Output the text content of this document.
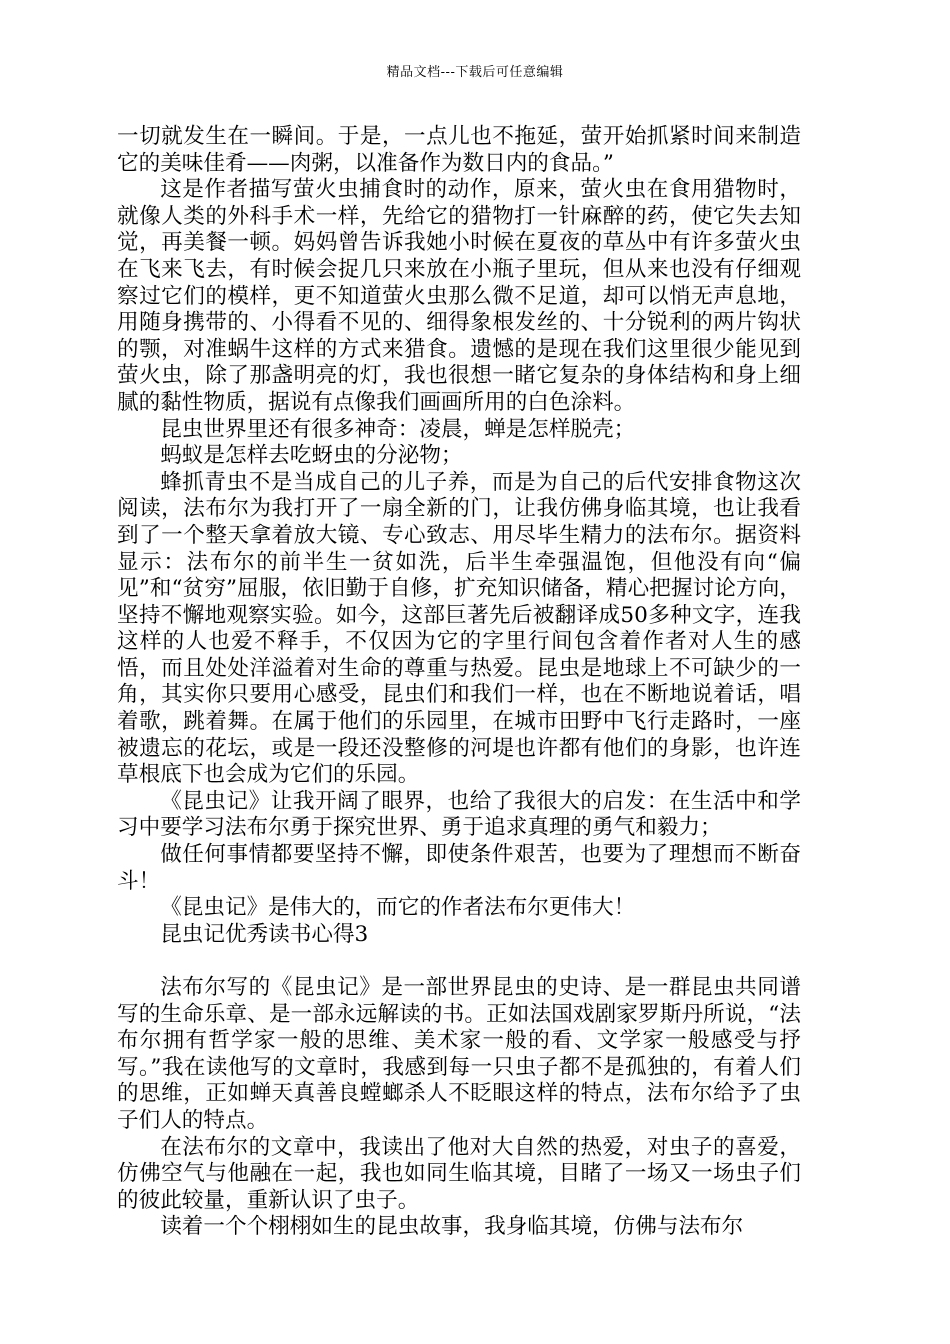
精品文档---下载后可任意编辑

一切就发生在一瞬间。于是，一点儿也不拖延，萤开始抓紧时间来制造它的美味佳肴——肉粥，以准备作为数日内的食品。”

这是作者描写萤火虫捕食时的动作，原来，萤火虫在食用猎物时，就像人类的外科手术一样，先给它的猎物打一针麻醉的药，使它失去知觉，再美餐一顿。妈妈曾告诉我她小时候在夏夜的草丛中有许多萤火虫在飞来飞去，有时候会捉几只来放在小瓶子里玩，但从来也没有仔细观察过它们的模样，更不知道萤火虫那么微不足道，却可以悄无声息地，用随身携带的、小得看不见的、细得象根发丝的、十分锐利的两片钩状的颚，对准蜗牛这样的方式来猎食。遗憾的是现在我们这里很少能见到萤火虫，除了那盏明亮的灯，我也很想一睹它复杂的身体结构和身上细腻的黏性物质，据说有点像我们画画所用的白色涂料。

昆虫世界里还有很多神奇：凌晨，蝉是怎样脱壳；

蚂蚁是怎样去吃蚜虫的分泌物；

蜂抓青虫不是当成自己的儿子养，而是为自己的后代安排食物这次阅读，法布尔为我打开了一扇全新的门，让我仿佛身临其境，也让我看到了一个整天拿着放大镜、专心致志、用尽毕生精力的法布尔。据资料显示：法布尔的前半生一贫如洗，后半生牵强温饱，但他没有向“偏见”和“贫穷”屈服，依旧勤于自修，扩充知识储备，精心把握讨论方向，坚持不懈地观察实验。如今，这部巨著先后被翻译成50多种文字，连我这样的人也爱不释手，不仅因为它的字里行间包含着作者对人生的感悟，而且处处洋溢着对生命的尊重与热爱。昆虫是地球上不可缺少的一角，其实你只要用心感受，昆虫们和我们一样，也在不断地说着话，唱着歌，跳着舞。在属于他们的乐园里，在城市田野中飞行走路时，一座被遗忘的花坛，或是一段还没整修的河堤也许都有他们的身影，也许连草根底下也会成为它们的乐园。

《昆虫记》让我开阔了眼界，也给了我很大的启发：在生活中和学习中要学习法布尔勇于探究世界、勇于追求真理的勇气和毅力；

做任何事情都要坚持不懈，即使条件艰苦，也要为了理想而不断奋斗！

《昆虫记》是伟大的，而它的作者法布尔更伟大！

昆虫记优秀读书心得3

法布尔写的《昆虫记》是一部世界昆虫的史诗、是一群昆虫共同谱写的生命乐章、是一部永远解读的书。正如法国戏剧家罗斯丹所说，“法布尔拥有哲学家一般的思维、美术家一般的看、文学家一般感受与抒写。”我在读他写的文章时，我感到每一只虫子都不是孤独的，有着人们的思维，正如蝉天真善良螳螂杀人不眨眼这样的特点，法布尔给予了虫子们人的特点。

在法布尔的文章中，我读出了他对大自然的热爱，对虫子的喜爱，仿佛空气与他融在一起，我也如同生临其境，目睹了一场又一场虫子们的彼此较量，重新认识了虫子。

读着一个个栩栩如生的昆虫故事，我身临其境，仿佛与法布尔
